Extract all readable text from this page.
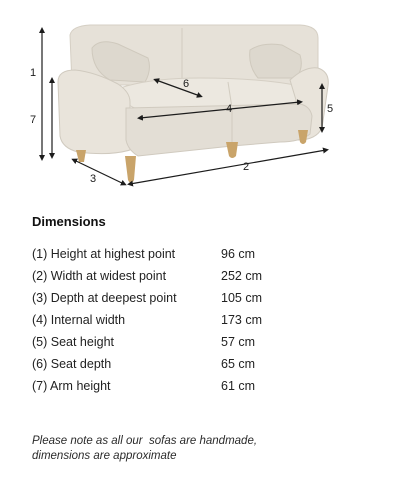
1
2
3
4	5
6
7
Dimensions
(1) Height at highest point	96 cm
(2) Width at widest point	252 cm
(3) Depth at deepest point	105 cm
(4) Internal width	173 cm
(5) Seat height	57 cm
(6) Seat depth	65 cm
(7) Arm height	61 cm
Please note as all our  sofas are handmade,
dimensions are approximate
